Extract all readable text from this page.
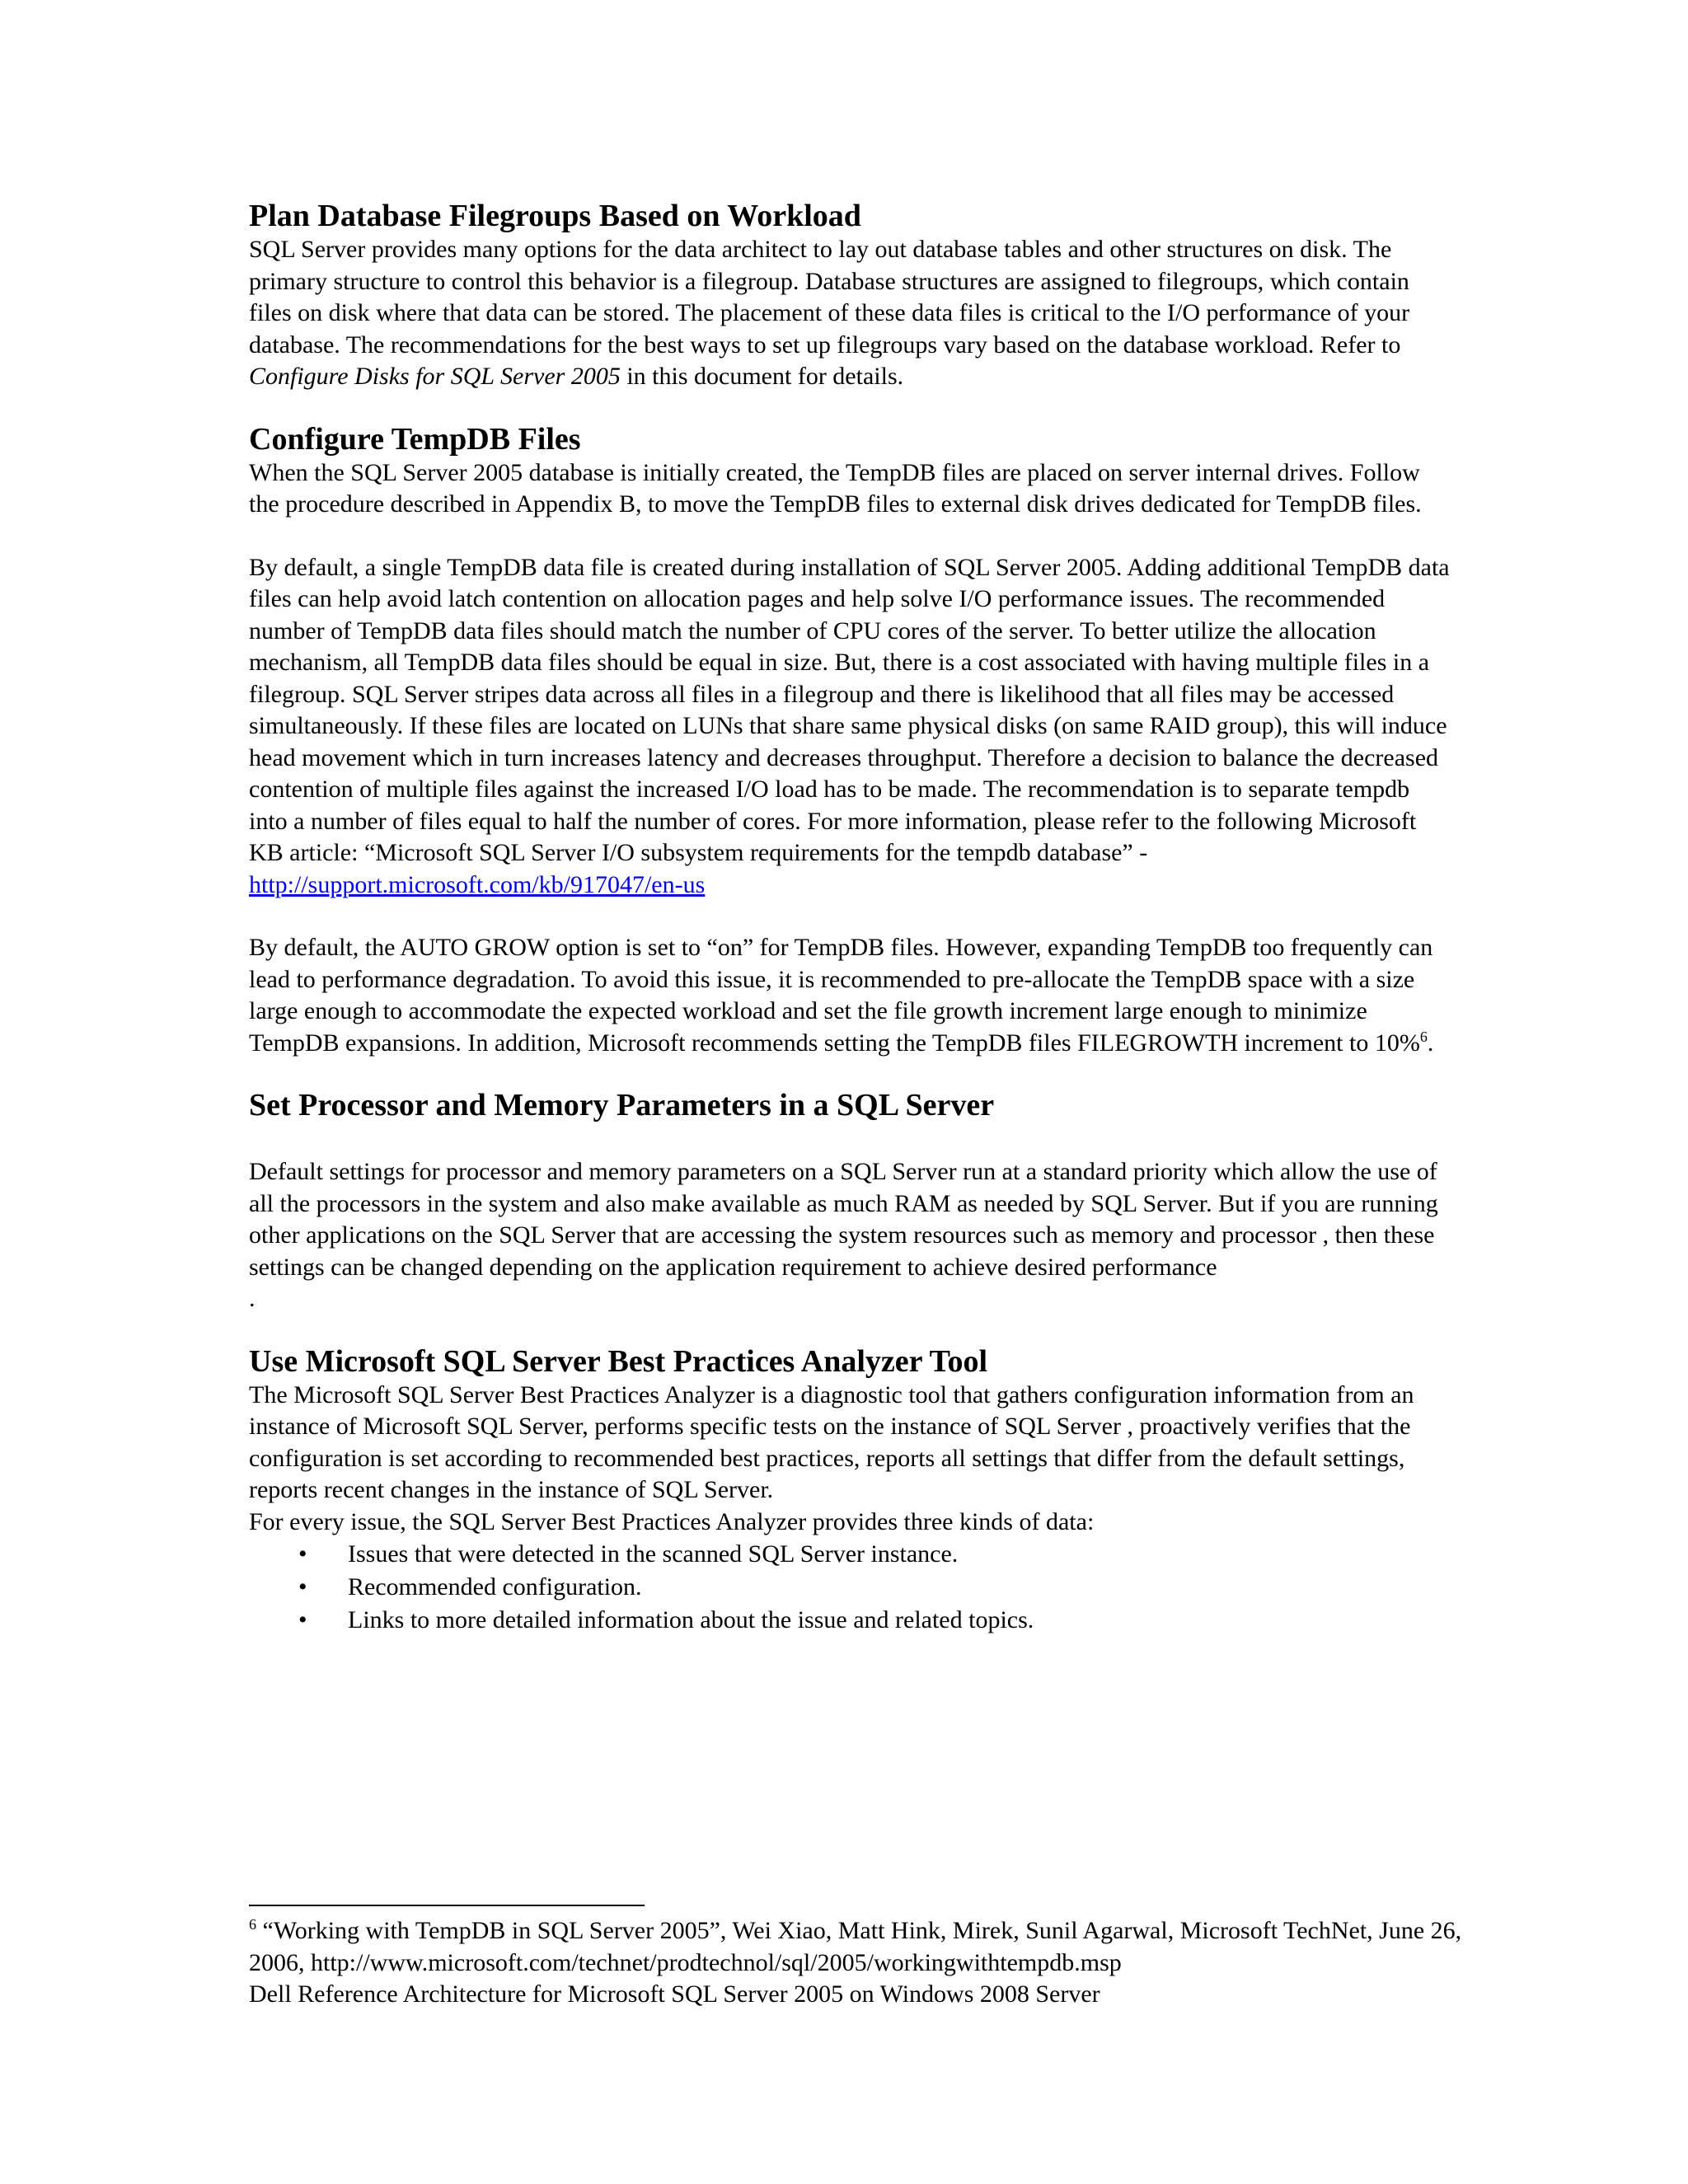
Plan Database Filegroups Based on Workload

SQL Server provides many options for the data architect to lay out database tables and other structures on disk. The primary structure to control this behavior is a filegroup. Database structures are assigned to filegroups, which contain files on disk where that data can be stored. The placement of these data files is critical to the I/O performance of your database. The recommendations for the best ways to set up filegroups vary based on the database workload. Refer to Configure Disks for SQL Server 2005 in this document for details.

Configure TempDB Files

When the SQL Server 2005 database is initially created, the TempDB files are placed on server internal drives. Follow the procedure described in Appendix B, to move the TempDB files to external disk drives dedicated for TempDB files.

By default, a single TempDB data file is created during installation of SQL Server 2005. Adding additional TempDB data files can help avoid latch contention on allocation pages and help solve I/O performance issues. The recommended number of TempDB data files should match the number of CPU cores of the server. To better utilize the allocation mechanism, all TempDB data files should be equal in size. But, there is a cost associated with having multiple files in a filegroup. SQL Server stripes data across all files in a filegroup and there is likelihood that all files may be accessed simultaneously. If these files are located on LUNs that share same physical disks (on same RAID group), this will induce head movement which in turn increases latency and decreases throughput. Therefore a decision to balance the decreased contention of multiple files against the increased I/O load has to be made. The recommendation is to separate tempdb into a number of files equal to half the number of cores. For more information, please refer to the following Microsoft KB article: “Microsoft SQL Server I/O subsystem requirements for the tempdb database” - http://support.microsoft.com/kb/917047/en-us

By default, the AUTO GROW option is set to “on” for TempDB files. However, expanding TempDB too frequently can lead to performance degradation. To avoid this issue, it is recommended to pre-allocate the TempDB space with a size large enough to accommodate the expected workload and set the file growth increment large enough to minimize TempDB expansions. In addition, Microsoft recommends setting the TempDB files FILEGROWTH increment to 10%$^6$.

Set Processor and Memory Parameters in a SQL Server

Default settings for processor and memory parameters on a SQL Server run at a standard priority which allow the use of all the processors in the system and also make available as much RAM as needed by SQL Server. But if you are running other applications on the SQL Server that are accessing the system resources such as memory and processor , then these settings can be changed depending on the application requirement to achieve desired performance

.

Use Microsoft SQL Server Best Practices Analyzer Tool

The Microsoft SQL Server Best Practices Analyzer is a diagnostic tool that gathers configuration information from an instance of Microsoft SQL Server, performs specific tests on the instance of SQL Server , proactively verifies that the configuration is set according to recommended best practices, reports all settings that differ from the default settings, reports recent changes in the instance of SQL Server.

For every issue, the SQL Server Best Practices Analyzer provides three kinds of data:

• Issues that were detected in the scanned SQL Server instance.
• Recommended configuration.
• Links to more detailed information about the issue and related topics.
$^6$ “Working with TempDB in SQL Server 2005”, Wei Xiao, Matt Hink, Mirek, Sunil Agarwal, Microsoft TechNet, June 26, 2006, http://www.microsoft.com/technet/prodtechnol/sql/2005/workingwithtempdb.msp
Dell Reference Architecture for Microsoft SQL Server 2005 on Windows 2008 Server
